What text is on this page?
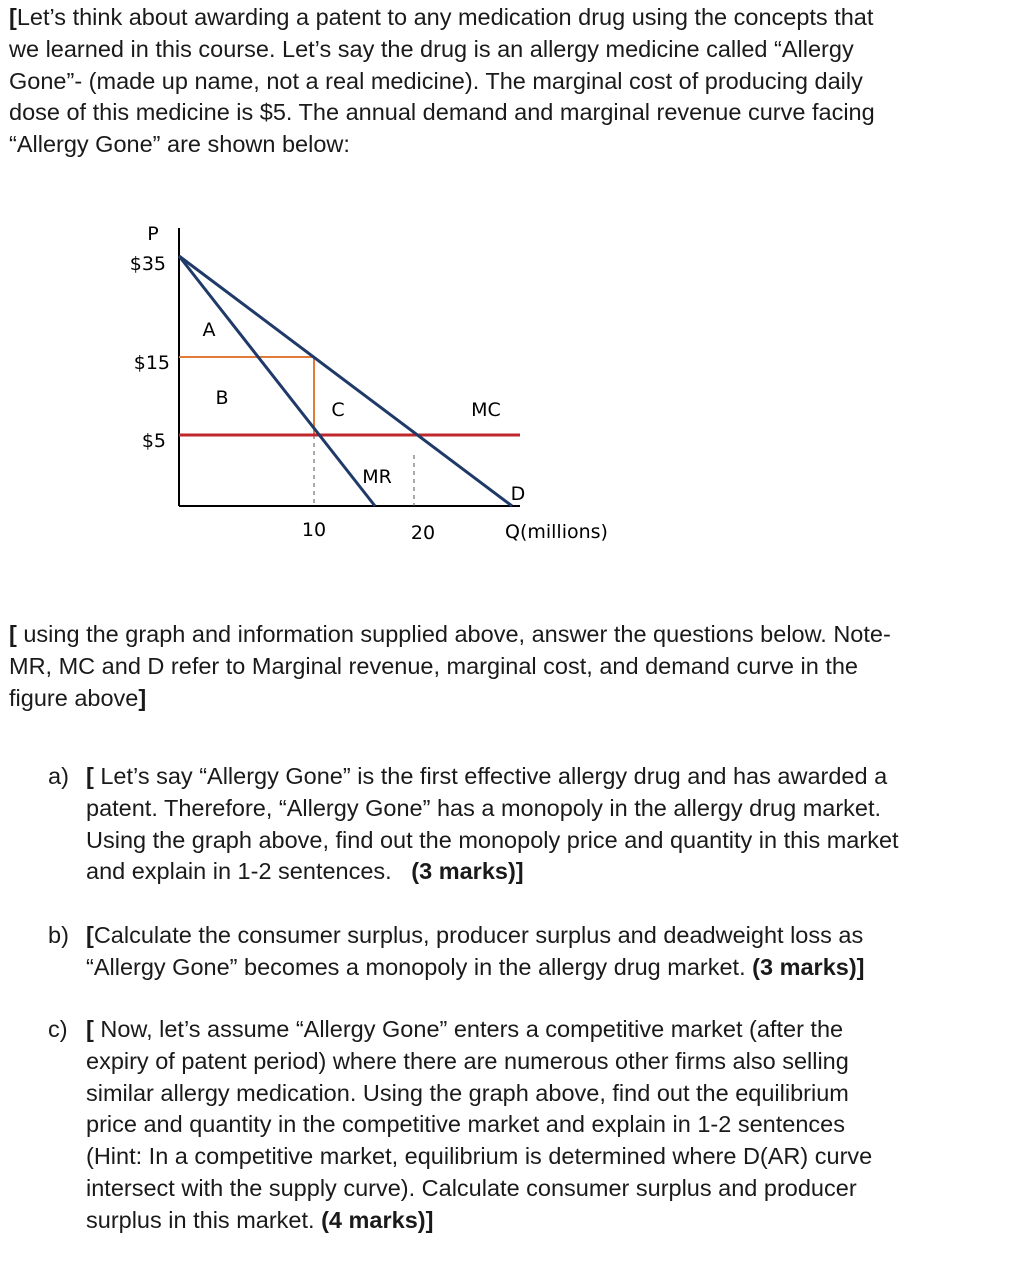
[Let’s think about awarding a patent to any medication drug using the concepts that
we learned in this course. Let’s say the drug is an allergy medicine called “Allergy
Gone”- (made up name, not a real medicine). The marginal cost of producing daily
dose of this medicine is $5. The annual demand and marginal revenue curve facing
“Allergy Gone” are shown below:
P
Q(millions)
$35
$15
$5
10	20
A
B
C
MR
MC
D
[ using the graph and information supplied above, answer the questions below. Note-
MR, MC and D refer to Marginal revenue, marginal cost, and demand curve in the
figure above]
a) [ Let’s say “Allergy Gone” is the first effective allergy drug and has awarded a
patent. Therefore, “Allergy Gone” has a monopoly in the allergy drug market.
Using the graph above, find out the monopoly price and quantity in this market
and explain in 1-2 sentences.   (3 marks)]
b) [Calculate the consumer surplus, producer surplus and deadweight loss as
“Allergy Gone” becomes a monopoly in the allergy drug market. (3 marks)]
c) [ Now, let’s assume “Allergy Gone” enters a competitive market (after the
expiry of patent period) where there are numerous other firms also selling
similar allergy medication. Using the graph above, find out the equilibrium
price and quantity in the competitive market and explain in 1-2 sentences
(Hint: In a competitive market, equilibrium is determined where D(AR) curve
intersect with the supply curve). Calculate consumer surplus and producer
surplus in this market. (4 marks)]
